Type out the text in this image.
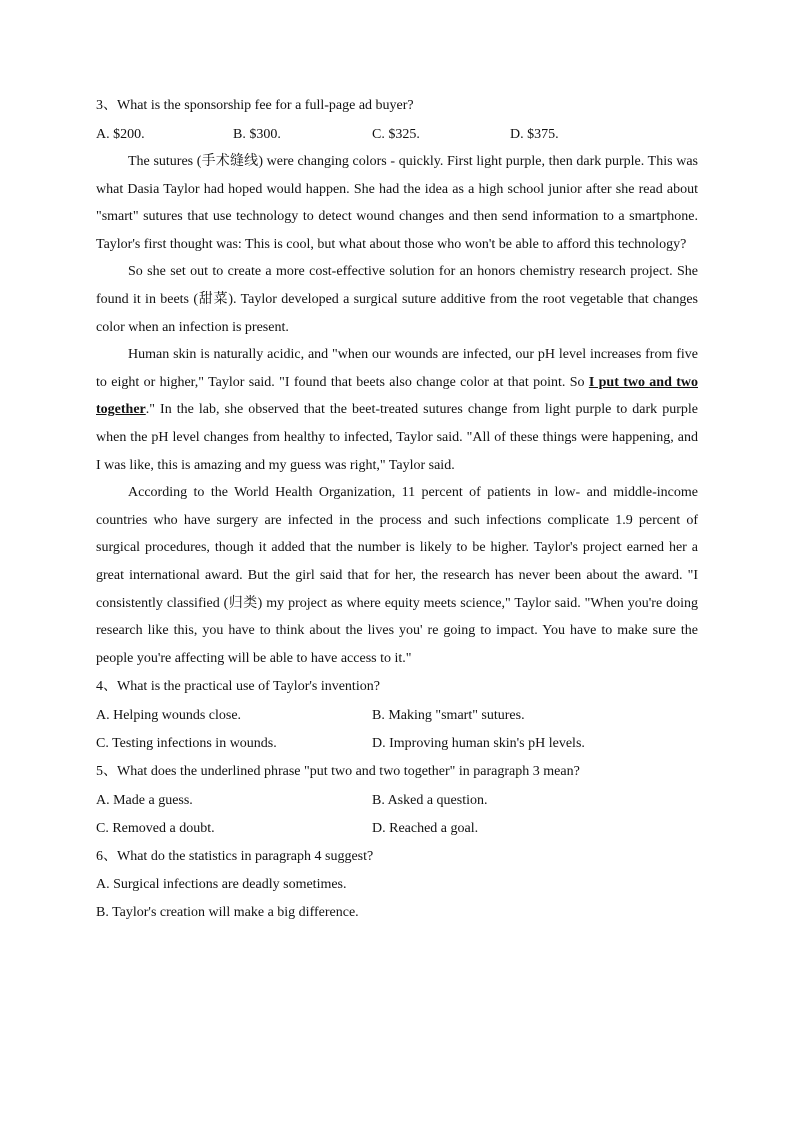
3、What is the sponsorship fee for a full-page ad buyer?
A. $200.	B. $300.	C. $325.	D. $375.

The sutures (手术缝线) were changing colors - quickly. First light purple, then dark purple. This was what Dasia Taylor had hoped would happen. She had the idea as a high school junior after she read about "smart" sutures that use technology to detect wound changes and then send information to a smartphone. Taylor's first thought was: This is cool, but what about those who won't be able to afford this technology?

So she set out to create a more cost-effective solution for an honors chemistry research project. She found it in beets (甜菜). Taylor developed a surgical suture additive from the root vegetable that changes color when an infection is present.

Human skin is naturally acidic, and "when our wounds are infected, our pH level increases from five to eight or higher," Taylor said. "I found that beets also change color at that point. So I put two and two together." In the lab, she observed that the beet-treated sutures change from light purple to dark purple when the pH level changes from healthy to infected, Taylor said. "All of these things were happening, and I was like, this is amazing and my guess was right," Taylor said.

According to the World Health Organization, 11 percent of patients in low- and middle-income countries who have surgery are infected in the process and such infections complicate 1.9 percent of surgical procedures, though it added that the number is likely to be higher. Taylor's project earned her a great international award. But the girl said that for her, the research has never been about the award. "I consistently classified (归类) my project as where equity meets science," Taylor said. "When you're doing research like this, you have to think about the lives you' re going to impact. You have to make sure the people you're affecting will be able to have access to it."

4、What is the practical use of Taylor's invention?
A. Helping wounds close.	B. Making "smart" sutures.
C. Testing infections in wounds.	D. Improving human skin's pH levels.
5、What does the underlined phrase "put two and two together" in paragraph 3 mean?
A. Made a guess.	B. Asked a question.
C. Removed a doubt.	D. Reached a goal.
6、What do the statistics in paragraph 4 suggest?
A. Surgical infections are deadly sometimes.
B. Taylor's creation will make a big difference.
